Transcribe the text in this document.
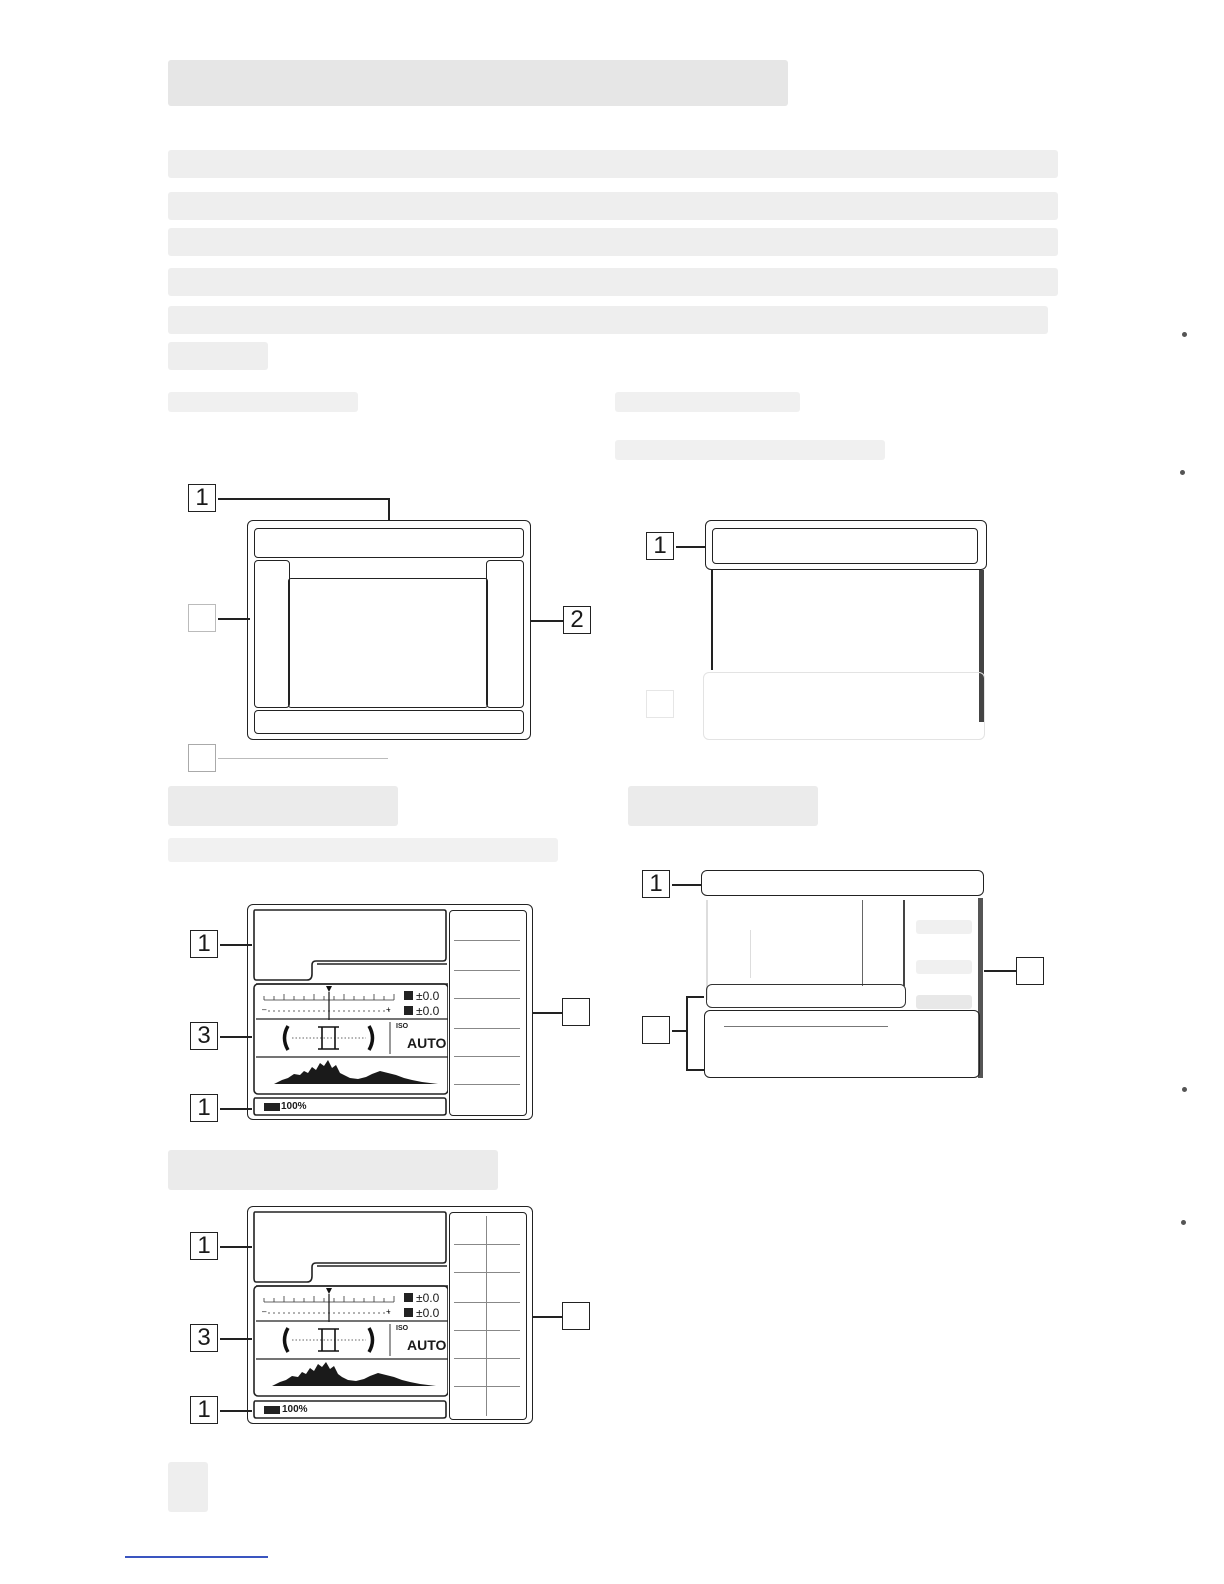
1
2
1
1
3
1
–	+
±0.0
±0.0
ISO
AUTO
100%
1
1
3
1
–	+
±0.0
±0.0
ISO
AUTO
100%
